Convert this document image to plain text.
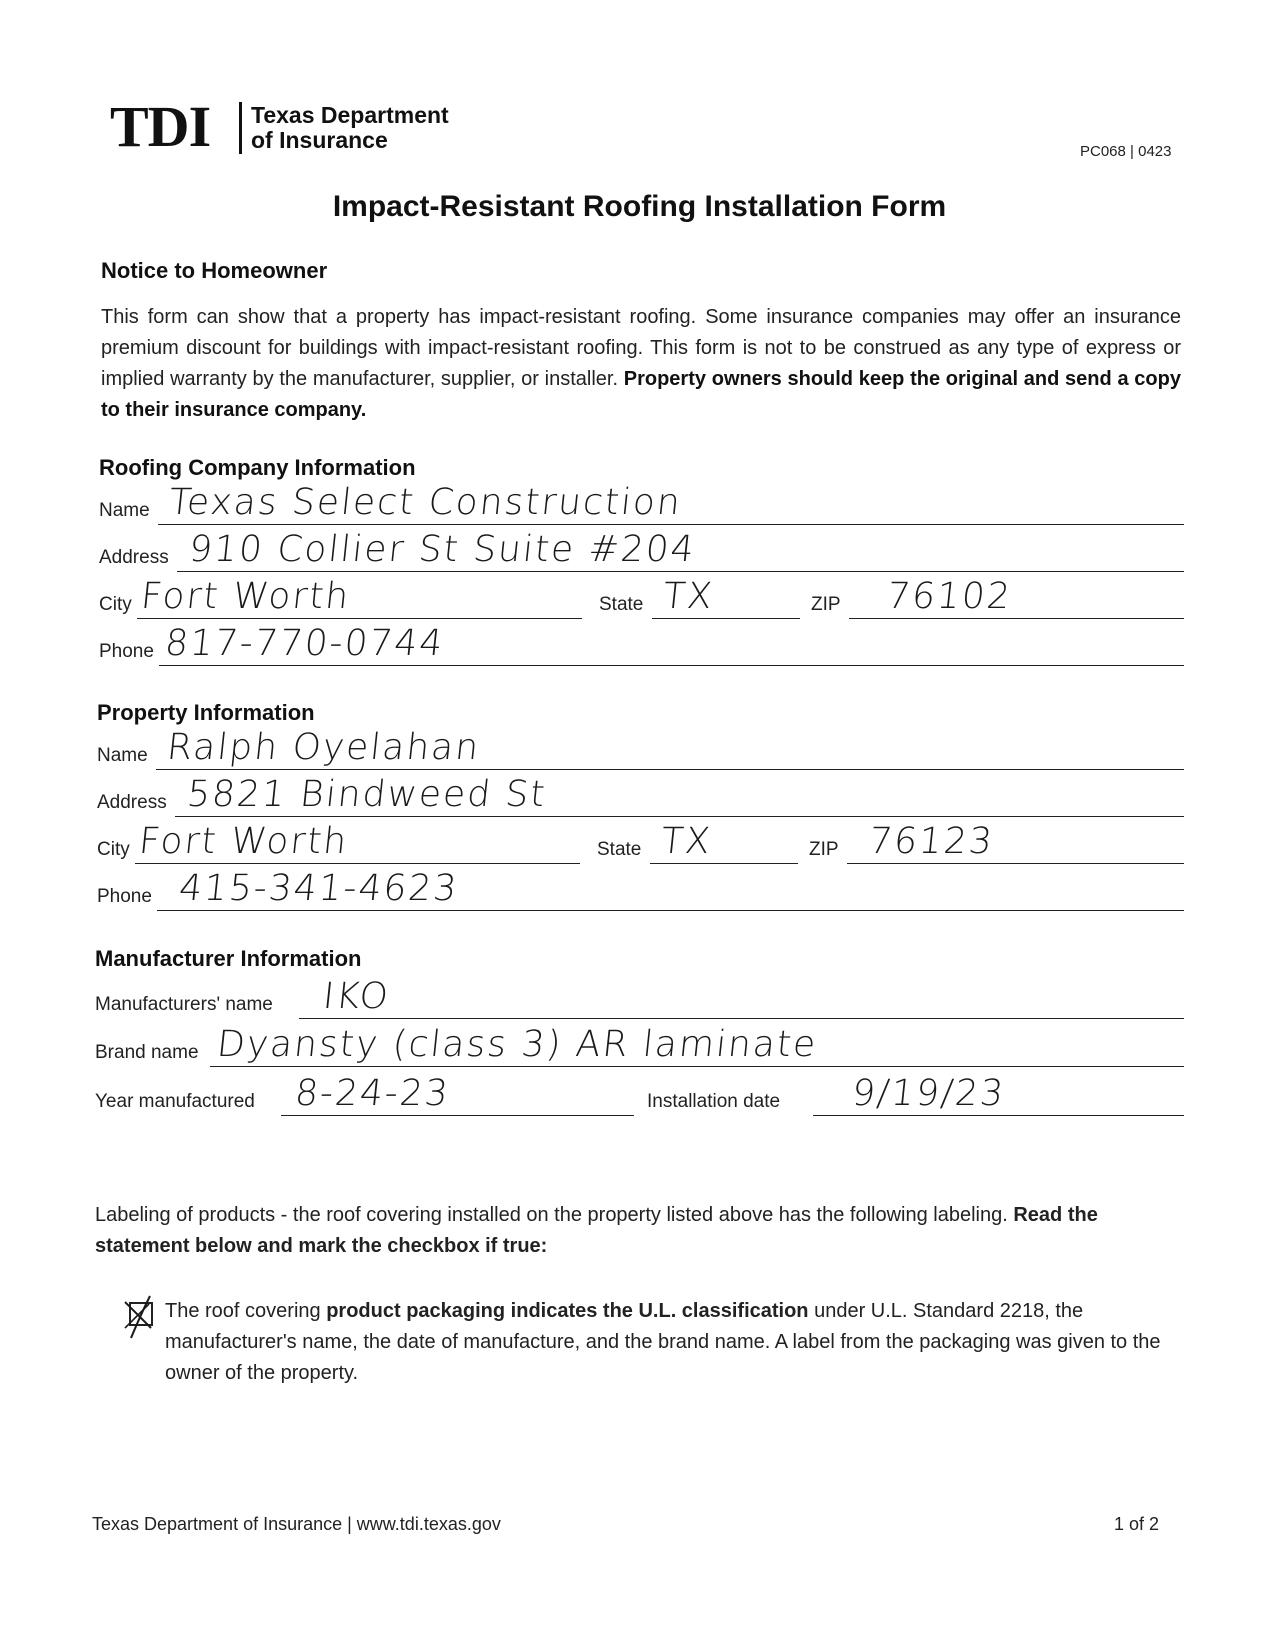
TDI Texas Department
of Insurance	PC068 | 0423
Impact-Resistant Roofing Installation Form
Notice to Homeowner
This form can show that a property has impact-resistant roofing. Some insurance companies may offer an insurance premium discount for buildings with impact-resistant roofing. This form is not to be construed as any type of express or implied warranty by the manufacturer, supplier, or installer. Property owners should keep the original and send a copy to their insurance company.
Roofing Company Information
Name Texas Select Construction
Address 910 Collier St Suite #204
City Fort Worth	State TX	ZIP 76102
Phone 817-770-0744
Property Information
Name Ralph Oyelahan
Address 5821 Bindweed St
City Fort Worth	State TX	ZIP 76123
Phone 415-341-4623
Manufacturer Information
Manufacturers' name IKO
Brand name Dyansty (class 3) AR laminate
Year manufactured 8-24-23	Installation date 9/19/23
Labeling of products - the roof covering installed on the property listed above has the following labeling. Read the statement below and mark the checkbox if true:
The roof covering product packaging indicates the U.L. classification under U.L. Standard 2218, the manufacturer's name, the date of manufacture, and the brand name. A label from the packaging was given to the owner of the property.
Texas Department of Insurance | www.tdi.texas.gov	1 of 2
